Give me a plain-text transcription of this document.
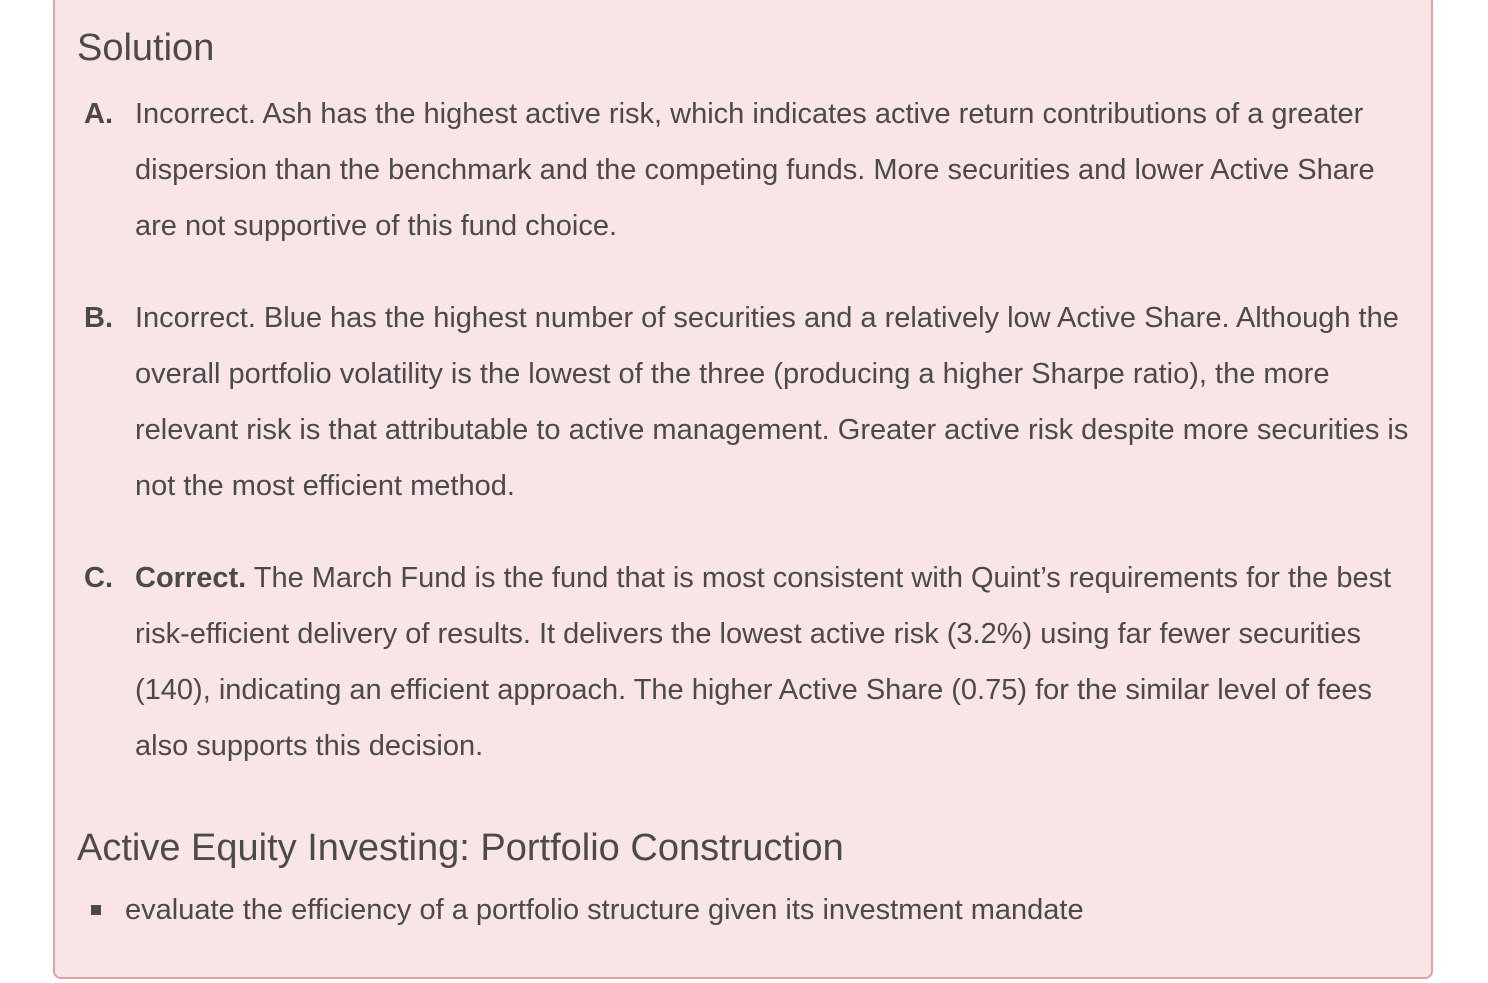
Solution
A. Incorrect. Ash has the highest active risk, which indicates active return contributions of a greater dispersion than the benchmark and the competing funds. More securities and lower Active Share are not supportive of this fund choice.
B. Incorrect. Blue has the highest number of securities and a relatively low Active Share. Although the overall portfolio volatility is the lowest of the three (producing a higher Sharpe ratio), the more relevant risk is that attributable to active management. Greater active risk despite more securities is not the most efficient method.
C. Correct. The March Fund is the fund that is most consistent with Quint’s requirements for the best risk-efficient delivery of results. It delivers the lowest active risk (3.2%) using far fewer securities (140), indicating an efficient approach. The higher Active Share (0.75) for the similar level of fees also supports this decision.
Active Equity Investing: Portfolio Construction
evaluate the efficiency of a portfolio structure given its investment mandate
